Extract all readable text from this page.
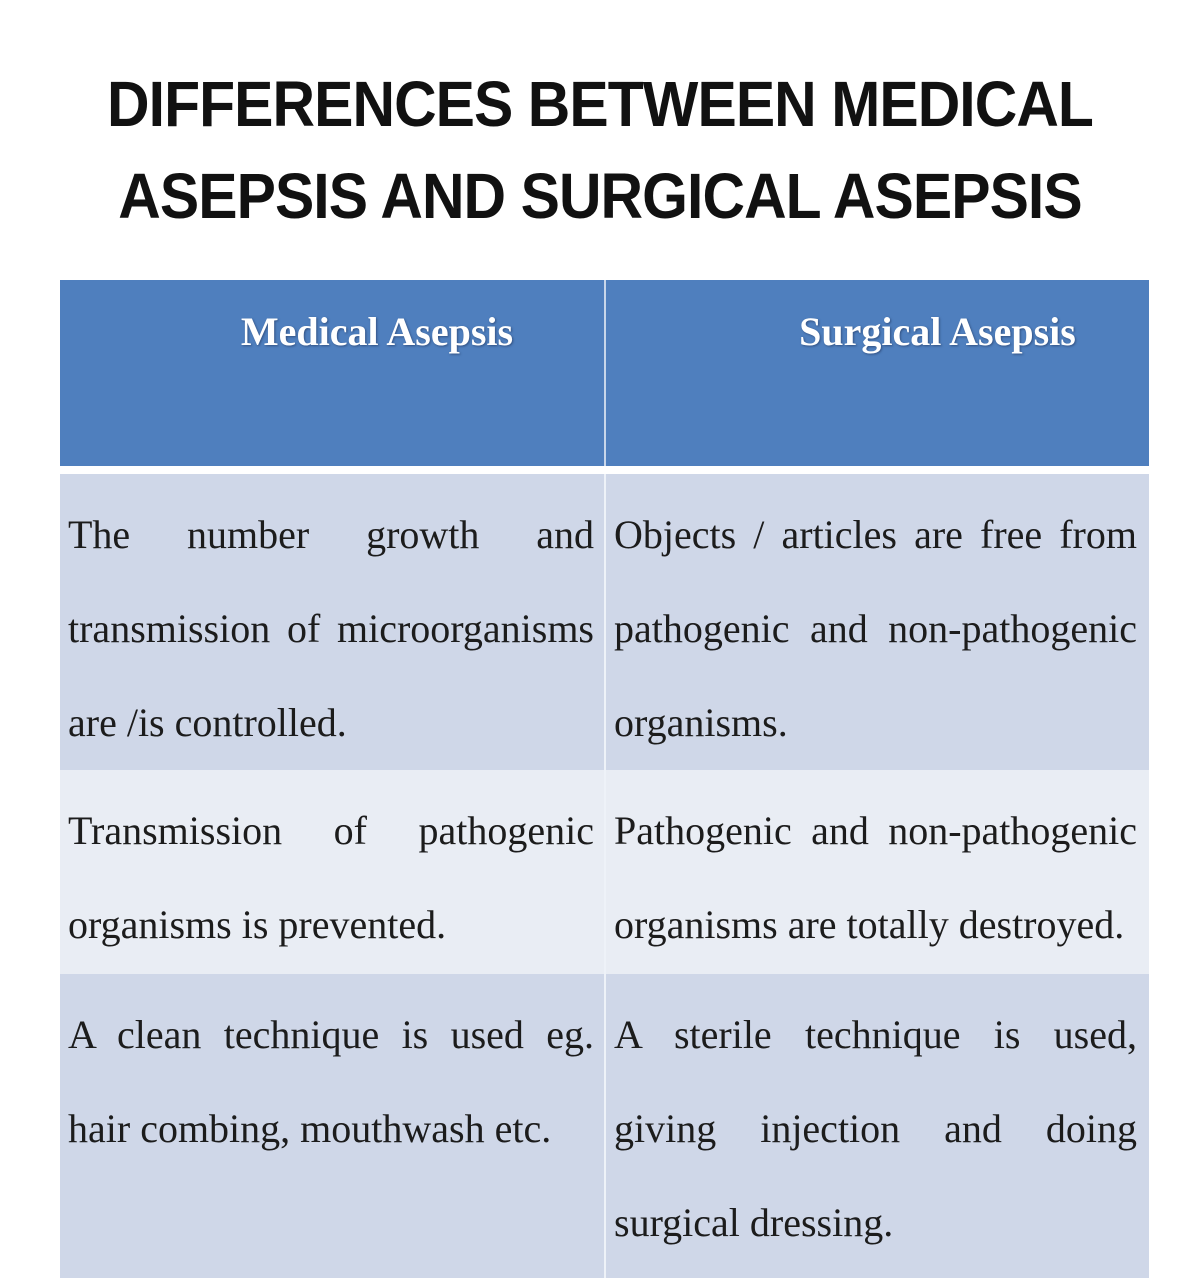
DIFFERENCES BETWEEN MEDICAL
ASEPSIS AND SURGICAL ASEPSIS
Medical Asepsis	Surgical Asepsis
The number growth and transmission of microorganisms are /is controlled.	Objects / articles are free from pathogenic and non-pathogenic organisms.
Transmission of pathogenic organisms is prevented.	Pathogenic and non-pathogenic organisms are totally destroyed.
A clean technique is used eg. hair combing, mouthwash etc.	A sterile technique is used, giving injection and doing surgical dressing.
